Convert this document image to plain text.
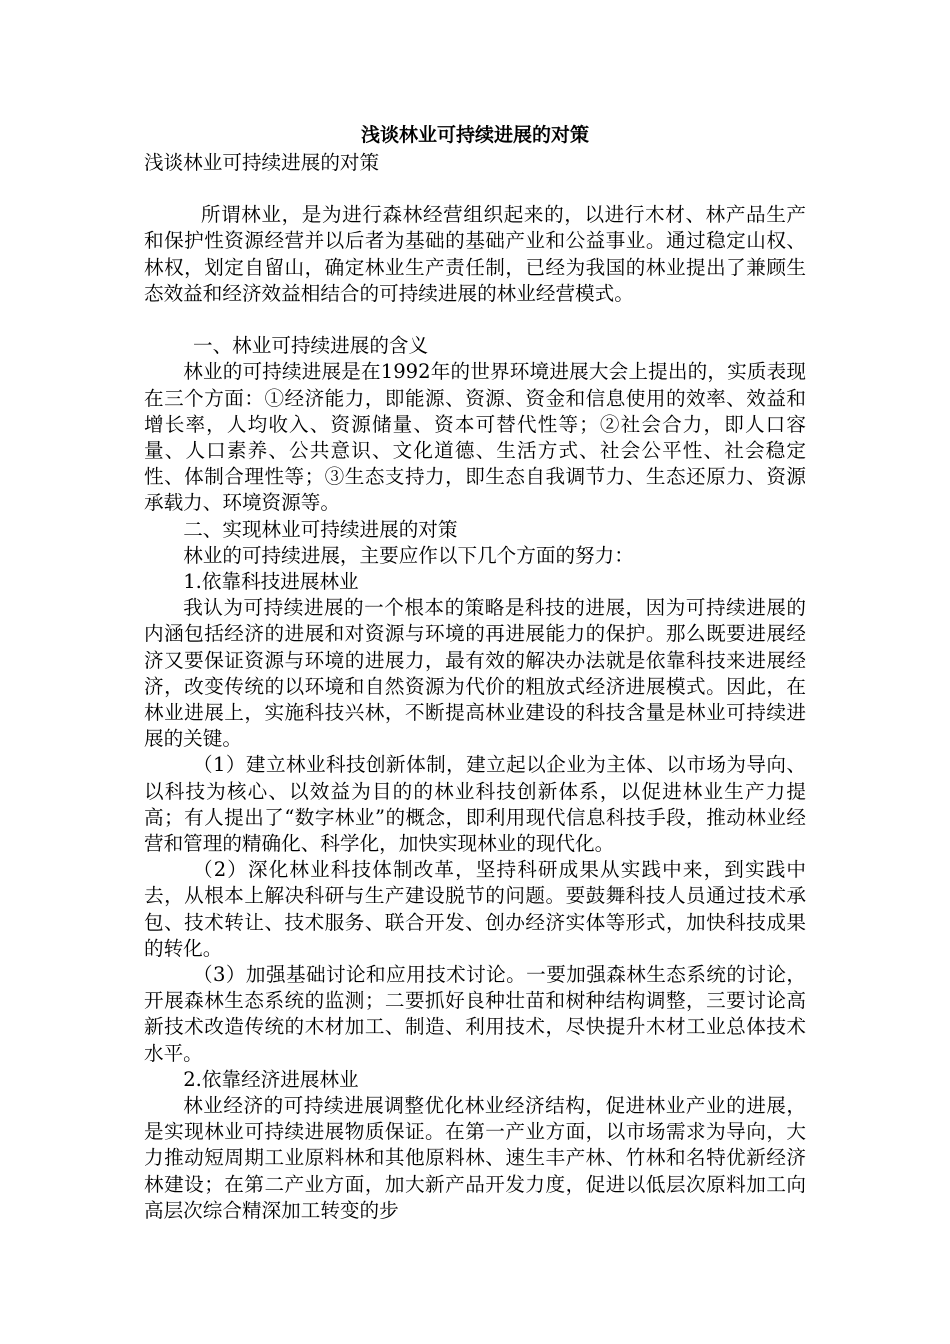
浅谈林业可持续进展的对策
浅谈林业可持续进展的对策

所谓林业，是为进行森林经营组织起来的，以进行木材、林产品生产和保护性资源经营并以后者为基础的基础产业和公益事业。通过稳定山权、林权，划定自留山，确定林业生产责任制，已经为我国的林业提出了兼顾生态效益和经济效益相结合的可持续进展的林业经营模式。

一、林业可持续进展的含义

林业的可持续进展是在1992年的世界环境进展大会上提出的，实质表现在三个方面：①经济能力，即能源、资源、资金和信息使用的效率、效益和增长率，人均收入、资源储量、资本可替代性等；②社会合力，即人口容量、人口素养、公共意识、文化道德、生活方式、社会公平性、社会稳定性、体制合理性等；③生态支持力，即生态自我调节力、生态还原力、资源承载力、环境资源等。

二、实现林业可持续进展的对策

林业的可持续进展，主要应作以下几个方面的努力：

1.依靠科技进展林业

我认为可持续进展的一个根本的策略是科技的进展，因为可持续进展的内涵包括经济的进展和对资源与环境的再进展能力的保护。那么既要进展经济又要保证资源与环境的进展力，最有效的解决办法就是依靠科技来进展经济，改变传统的以环境和自然资源为代价的粗放式经济进展模式。因此，在林业进展上，实施科技兴林，不断提高林业建设的科技含量是林业可持续进展的关键。

（1）建立林业科技创新体制，建立起以企业为主体、以市场为导向、以科技为核心、以效益为目的的林业科技创新体系，以促进林业生产力提高；有人提出了“数字林业”的概念，即利用现代信息科技手段，推动林业经营和管理的精确化、科学化，加快实现林业的现代化。

（2）深化林业科技体制改革，坚持科研成果从实践中来，到实践中去，从根本上解决科研与生产建设脱节的问题。要鼓舞科技人员通过技术承包、技术转让、技术服务、联合开发、创办经济实体等形式，加快科技成果的转化。

（3）加强基础讨论和应用技术讨论。一要加强森林生态系统的讨论，开展森林生态系统的监测；二要抓好良种壮苗和树种结构调整，三要讨论高新技术改造传统的木材加工、制造、利用技术，尽快提升木材工业总体技术水平。

2.依靠经济进展林业

林业经济的可持续进展调整优化林业经济结构，促进林业产业的进展，是实现林业可持续进展物质保证。在第一产业方面，以市场需求为导向，大力推动短周期工业原料林和其他原料林、速生丰产林、竹林和名特优新经济林建设；在第二产业方面，加大新产品开发力度，促进以低层次原料加工向高层次综合精深加工转变的步
